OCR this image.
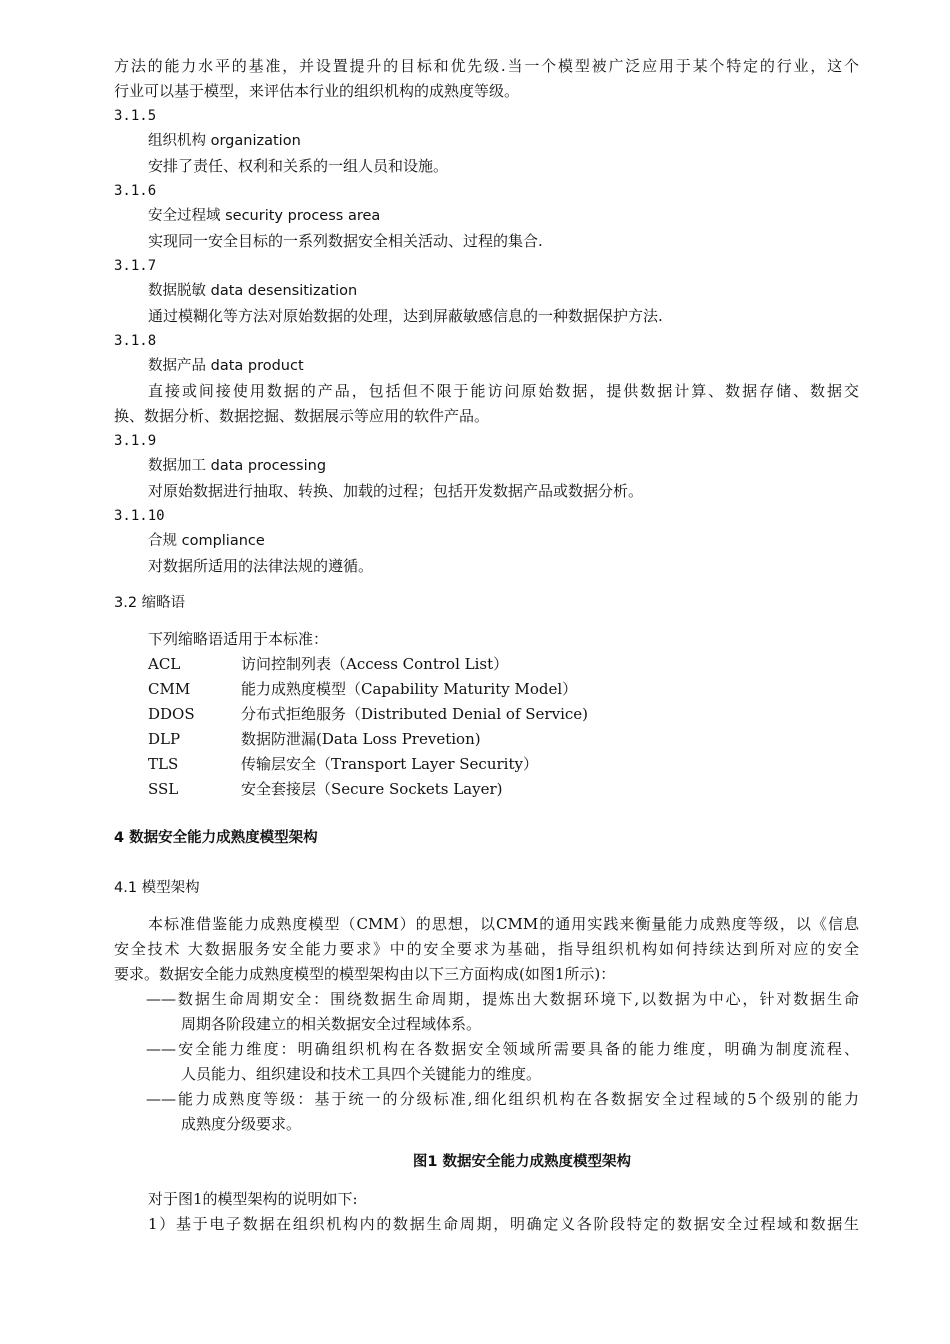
方法的能力水平的基准，并设置提升的目标和优先级.当一个模型被广泛应用于某个特定的行业，这个
行业可以基于模型，来评估本行业的组织机构的成熟度等级。
3.1.5
组织机构 organization
安排了责任、权利和关系的一组人员和设施。
3.1.6
安全过程域 security process area
实现同一安全目标的一系列数据安全相关活动、过程的集合.
3.1.7
数据脱敏 data desensitization
通过模糊化等方法对原始数据的处理，达到屏蔽敏感信息的一种数据保护方法.
3.1.8
数据产品 data product
直接或间接使用数据的产品，包括但不限于能访问原始数据，提供数据计算、数据存储、数据交
换、数据分析、数据挖掘、数据展示等应用的软件产品。
3.1.9
数据加工 data processing
对原始数据进行抽取、转换、加载的过程；包括开发数据产品或数据分析。
3.1.10
合规 compliance
对数据所适用的法律法规的遵循。
3.2 缩略语
下列缩略语适用于本标准：
ACL	访问控制列表（Access Control List）
CMM	能力成熟度模型（Capability Maturity Model）
DDOS	分布式拒绝服务（Distributed Denial of Service)
DLP	数据防泄漏(Data Loss Prevetion)
TLS	传输层安全（Transport Layer Security）
SSL	安全套接层（Secure Sockets Layer)
4 数据安全能力成熟度模型架构
4.1 模型架构
本标准借鉴能力成熟度模型（CMM）的思想，以CMM的通用实践来衡量能力成熟度等级，以《信息
安全技术 大数据服务安全能力要求》中的安全要求为基础，指导组织机构如何持续达到所对应的安全
要求。数据安全能力成熟度模型的模型架构由以下三方面构成(如图1所示)：
——数据生命周期安全：围绕数据生命周期，提炼出大数据环境下,以数据为中心，针对数据生命
周期各阶段建立的相关数据安全过程域体系。
——安全能力维度：明确组织机构在各数据安全领域所需要具备的能力维度，明确为制度流程、
人员能力、组织建设和技术工具四个关键能力的维度。
——能力成熟度等级：基于统一的分级标准,细化组织机构在各数据安全过程域的5个级别的能力
成熟度分级要求。
图1 数据安全能力成熟度模型架构
对于图1的模型架构的说明如下:
1）基于电子数据在组织机构内的数据生命周期，明确定义各阶段特定的数据安全过程域和数据生
